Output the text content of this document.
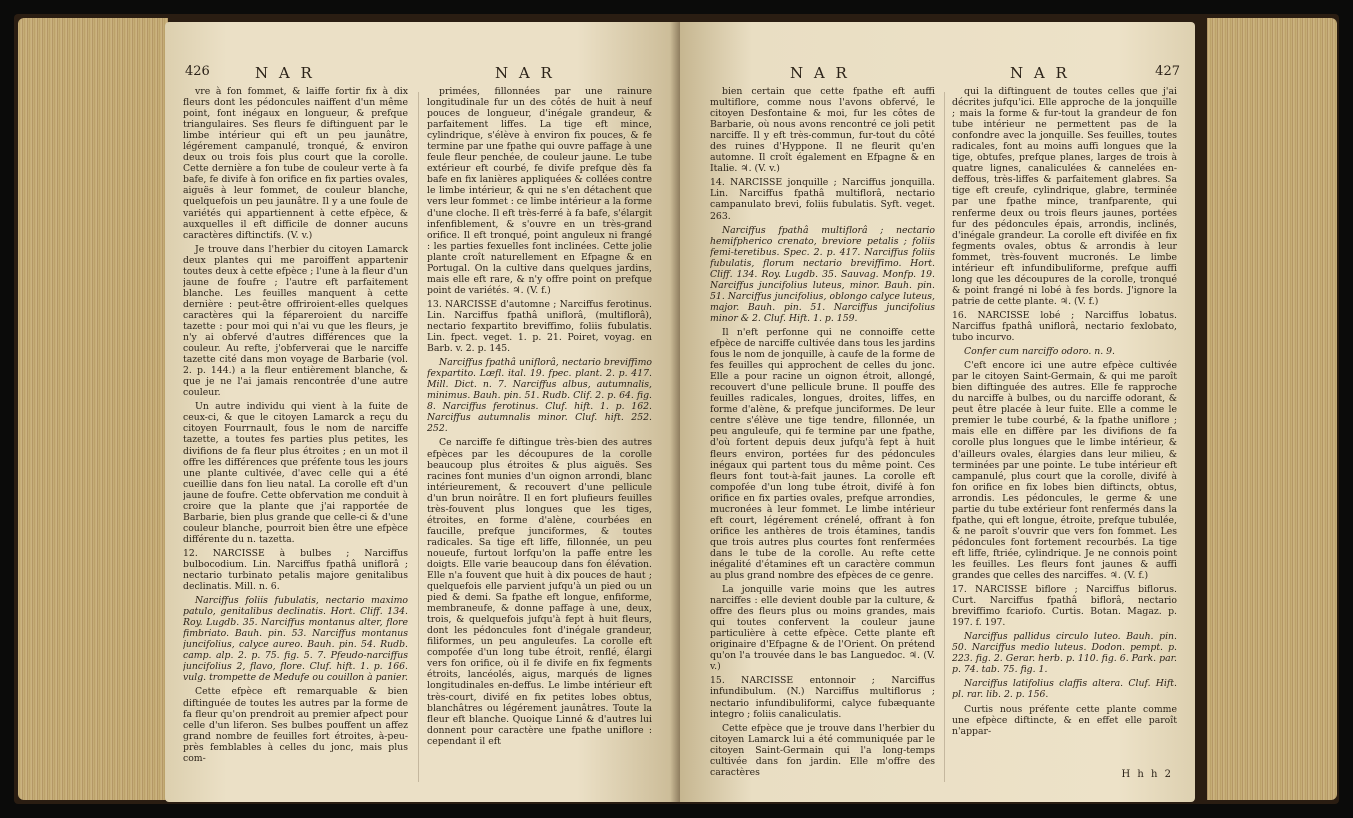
426	N A R	N A R

vre à fon fommet, & laiffe fortir fix à dix fleurs dont les pédoncules naiffent d'un même point, font inégaux en longueur, & prefque triangulaires. Ses fleurs fe diftinguent par le limbe intérieur qui eft un peu jaunâtre, légérement campanulé, tronqué, & environ deux ou trois fois plus court que la corolle. Cette dernière a fon tube de couleur verte à fa bafe, fe divife à fon orifice en fix parties ovales, aiguës à leur fommet, de couleur blanche, quelquefois un peu jaunâtre. Il y a une foule de variétés qui appartiennent à cette efpèce, & auxquelles il eft difficile de donner aucuns caractères diftinctifs. (V. v.)

Je trouve dans l'herbier du citoyen Lamarck deux plantes qui me paroiffent appartenir toutes deux à cette efpèce ; l'une à la fleur d'un jaune de foufre ; l'autre eft parfaitement blanche. Les feuilles manquent à cette dernière : peut-être offriroient-elles quelques caractères qui la fépareroient du narciffe tazette : pour moi qui n'ai vu que les fleurs, je n'y ai obfervé d'autres différences que la couleur. Au refte, j'obferverai que le narciffe tazette cité dans mon voyage de Barbarie (vol. 2. p. 144.) a la fleur entièrement blanche, & que je ne l'ai jamais rencontrée d'une autre couleur.

Un autre individu qui vient à la fuite de ceux-ci, & que le citoyen Lamarck a reçu du citoyen Fourrnault, fous le nom de narciffe tazette, a toutes fes parties plus petites, les divifions de fa fleur plus étroites ; en un mot il offre les différences que préfente tous les jours une plante cultivée, d'avec celle qui a été cueillie dans fon lieu natal. La corolle eft d'un jaune de foufre. Cette obfervation me conduit à croire que la plante que j'ai rapportée de Barbarie, bien plus grande que celle-ci & d'une couleur blanche, pourroit bien être une efpèce différente du n. tazetta.

12. NARCISSE à bulbes ; Narciffus bulbocodium. Lin. Narciffus fpathâ uniflorâ ; nectario turbinato petalis majore genitalibus declinatis. Mill. n. 6.

Narciffus foliis fubulatis, nectario maximo patulo, genitalibus declinatis. Hort. Cliff. 134. Roy. Lugdb. 35. Narciffus montanus alter, flore fimbriato. Bauh. pin. 53. Narciffus montanus juncifolius, calyce aureo. Bauh. pin. 54. Rudb. camp. alp. 2. p. 75. fig. 5. 7. Pfeudo-narciffus juncifolius 2, flavo, flore. Cluf. hift. 1. p. 166. vulg. trompette de Medufe ou couillon à panier.

Cette efpèce eft remarquable & bien diftinguée de toutes les autres par la forme de fa fleur qu'on prendroit au premier afpect pour celle d'un liferon. Ses bulbes pouffent un affez grand nombre de feuilles fort étroites, à-peu-près femblables à celles du jonc, mais plus com-

primées, fillonnées par une rainure longitudinale fur un des côtés de huit à neuf pouces de longueur, d'inégale grandeur, & parfaitement liffes. La tige eft mince, cylindrique, s'élève à environ fix pouces, & fe termine par une fpathe qui ouvre paffage à une feule fleur penchée, de couleur jaune. Le tube extérieur eft courbé, fe divife prefque dès fa bafe en fix lanières appliquées & collées contre le limbe intérieur, & qui ne s'en détachent que vers leur fommet : ce limbe intérieur a la forme d'une cloche. Il eft très-ferré à fa bafe, s'élargit infenfiblement, & s'ouvre en un très-grand orifice. Il eft tronqué, point anguleux ni frangé : les parties fexuelles font inclinées. Cette jolie plante croît naturellement en Efpagne & en Portugal. On la cultive dans quelques jardins, mais elle eft rare, & n'y offre point on prefque point de variétés. ♃. (V. f.)

13. NARCISSE d'automne ; Narciffus ferotinus. Lin. Narciffus fpathâ uniflorâ, (multiflorâ), nectario fexpartito breviffimo, foliis fubulatis. Lin. fpect. veget. 1. p. 21. Poiret, voyag. en Barb. v. 2. p. 145.

Narciffus fpathâ uniflorâ, nectario breviffimo fexpartito. Lœfl. ital. 19. fpec. plant. 2. p. 417. Mill. Dict. n. 7. Narciffus albus, autumnalis, minimus. Bauh. pin. 51. Rudb. Clif. 2. p. 64. fig. 8. Narciffus ferotinus. Cluf. hift. 1. p. 162. Narciffus autumnalis minor. Cluf. hift. 252. 252.

Ce narciffe fe diftingue très-bien des autres efpèces par les découpures de la corolle beaucoup plus étroites & plus aiguës. Ses racines font munies d'un oignon arrondi, blanc intérieurement, & recouvert d'une pellicule d'un brun noirâtre. Il en fort plufieurs feuilles très-fouvent plus longues que les tiges, étroites, en forme d'alène, courbées en faucille, prefque junciformes, & toutes radicales. Sa tige eft liffe, fillonnée, un peu noueufe, furtout lorfqu'on la paffe entre les doigts. Elle varie beaucoup dans fon élévation. Elle n'a fouvent que huit à dix pouces de haut ; quelquefois elle parvient jufqu'à un pied ou un pied & demi. Sa fpathe eft longue, enfiforme, membraneufe, & donne paffage à une, deux, trois, & quelquefois jufqu'à fept à huit fleurs, dont les pédoncules font d'inégale grandeur, filiformes, un peu anguleufes. La corolle eft compofée d'un long tube étroit, renflé, élargi vers fon orifice, où il fe divife en fix fegments étroits, lancéolés, aigus, marqués de lignes longitudinales en-deffus. Le limbe intérieur eft très-court, divifé en fix petites lobes obtus, blanchâtres ou légérement jaunâtres. Toute la fleur eft blanche. Quoique Linné & d'autres lui donnent pour caractère une fpathe uniflore : cependant il eft

N A R	N A R	427

bien certain que cette fpathe eft auffi multiflore, comme nous l'avons obfervé, le citoyen Desfontaine & moi, fur les côtes de Barbarie, où nous avons rencontré ce joli petit narciffe. Il y eft très-commun, fur-tout du côté des ruines d'Hyppone. Il ne fleurit qu'en automne. Il croît également en Efpagne & en Italie. ♃. (V. v.)

14. NARCISSE jonquille ; Narciffus jonquilla. Lin. Narciffus fpathâ multiflorâ, nectario campanulato brevi, foliis fubulatis. Syft. veget. 263.

Narciffus fpathâ multiflorâ ; nectario hemifpherico crenato, breviore petalis ; foliis femi-teretibus. Spec. 2. p. 417. Narciffus foliis fubulatis, florum nectario breviffimo. Hort. Cliff. 134. Roy. Lugdb. 35. Sauvag. Monfp. 19. Narciffus juncifolius luteus, minor. Bauh. pin. 51. Narciffus juncifolius, oblongo calyce luteus, major. Bauh. pin. 51. Narciffus juncifolius minor & 2. Cluf. Hift. 1. p. 159.

Il n'eft perfonne qui ne connoiffe cette efpèce de narciffe cultivée dans tous les jardins fous le nom de jonquille, à caufe de la forme de fes feuilles qui approchent de celles du jonc. Elle a pour racine un oignon étroit, allongé, recouvert d'une pellicule brune. Il pouffe des feuilles radicales, longues, droites, liffes, en forme d'alène, & prefque junciformes. De leur centre s'élève une tige tendre, fillonnée, un peu anguleufe, qui fe termine par une fpathe, d'où fortent depuis deux jufqu'à fept à huit fleurs environ, portées fur des pédoncules inégaux qui partent tous du même point. Ces fleurs font tout-à-fait jaunes. La corolle eft compofée d'un long tube étroit, divifé à fon orifice en fix parties ovales, prefque arrondies, mucronées à leur fommet. Le limbe intérieur eft court, légérement crénelé, offrant à fon orifice les anthères de trois étamines, tandis que trois autres plus courtes font renfermées dans le tube de la corolle. Au refte cette inégalité d'étamines eft un caractère commun au plus grand nombre des efpèces de ce genre.

La jonquille varie moins que les autres narciffes : elle devient double par la culture, & offre des fleurs plus ou moins grandes, mais qui toutes confervent la couleur jaune particulière à cette efpèce. Cette plante eft originaire d'Efpagne & de l'Orient. On prétend qu'on l'a trouvée dans le bas Languedoc. ♃. (V. v.)

15. NARCISSE entonnoir ; Narciffus infundibulum. (N.) Narciffus multiflorus ; nectario infundibuliformi, calyce fubæquante integro ; foliis canaliculatis.

Cette efpèce que je trouve dans l'herbier du citoyen Lamarck lui a été communiquée par le citoyen Saint-Germain qui l'a long-temps cultivée dans fon jardin. Elle m'offre des caractères

qui la diftinguent de toutes celles que j'ai décrites jufqu'ici. Elle approche de la jonquille ; mais la forme & fur-tout la grandeur de fon tube intérieur ne permettent pas de la confondre avec la jonquille. Ses feuilles, toutes radicales, font au moins auffi longues que la tige, obtufes, prefque planes, larges de trois à quatre lignes, canaliculées & cannelées en-deffous, très-liffes & parfaitement glabres. Sa tige eft creufe, cylindrique, glabre, terminée par une fpathe mince, tranfparente, qui renferme deux ou trois fleurs jaunes, portées fur des pédoncules épais, arrondis, inclinés, d'inégale grandeur. La corolle eft divifée en fix fegments ovales, obtus & arrondis à leur fommet, très-fouvent mucronés. Le limbe intérieur eft infundibuliforme, prefque auffi long que les découpures de la corolle, tronqué & point frangé ni lobé à fes bords. J'ignore la patrie de cette plante. ♃. (V. f.)

16. NARCISSE lobé ; Narciffus lobatus. Narciffus fpathâ uniflorâ, nectario fexlobato, tubo incurvo.

Confer cum narciffo odoro. n. 9.

C'eft encore ici une autre efpèce cultivée par le citoyen Saint-Germain, & qui me paroît bien diftinguée des autres. Elle fe rapproche du narciffe à bulbes, ou du narciffe odorant, & peut être placée à leur fuite. Elle a comme le premier le tube courbé, & la fpathe uniflore ; mais elle en diffère par les divifions de fa corolle plus longues que le limbe intérieur, & d'ailleurs ovales, élargies dans leur milieu, & terminées par une pointe. Le tube intérieur eft campanulé, plus court que la corolle, divifé à fon orifice en fix lobes bien diftincts, obtus, arrondis. Les pédoncules, le germe & une partie du tube extérieur font renfermés dans la fpathe, qui eft longue, étroite, prefque tubulée, & ne paroît s'ouvrir que vers fon fommet. Les pédoncules font fortement recourbés. La tige eft liffe, ftriée, cylindrique. Je ne connois point les feuilles. Les fleurs font jaunes & auffi grandes que celles des narciffes. ♃. (V. f.)

17. NARCISSE biflore ; Narciffus biflorus. Curt. Narciffus fpathâ biflorâ, nectario breviffimo fcariofo. Curtis. Botan. Magaz. p. 197. f. 197.

Narciffus pallidus circulo luteo. Bauh. pin. 50. Narciffus medio luteus. Dodon. pempt. p. 223. fig. 2. Gerar. herb. p. 110. fig. 6. Park. par. p. 74. tab. 75. fig. 1.

Narciffus latifolius claffis altera. Cluf. Hift. pl. rar. lib. 2. p. 156.

Curtis nous préfente cette plante comme une efpèce diftincte, & en effet elle paroît n'appar-

H h h 2
